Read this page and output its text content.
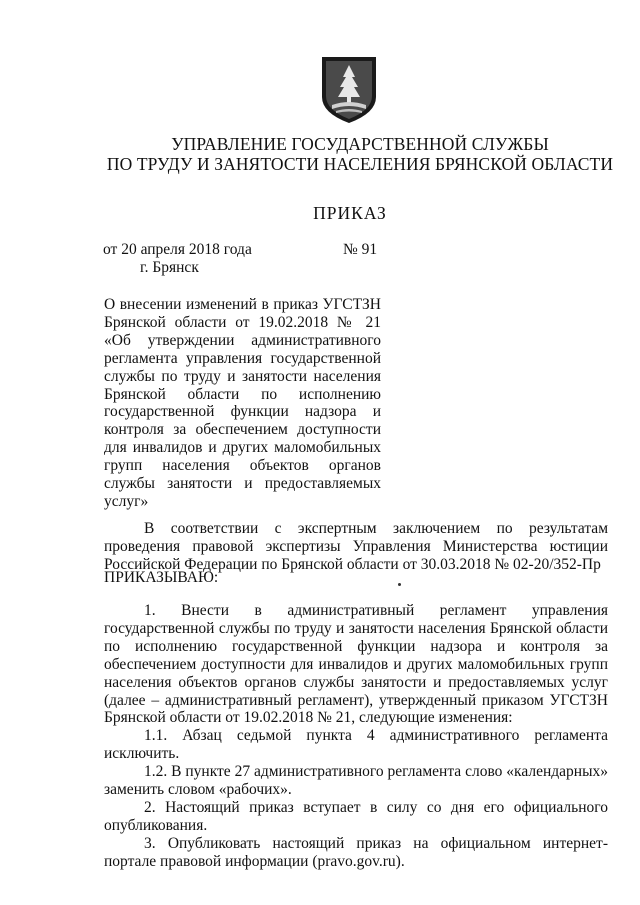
УПРАВЛЕНИЕ ГОСУДАРСТВЕННОЙ СЛУЖБЫ
ПО ТРУДУ И ЗАНЯТОСТИ НАСЕЛЕНИЯ БРЯНСКОЙ ОБЛАСТИ
ПРИКАЗ
от 20 апреля 2018 года	№ 91
г. Брянск
О внесении изменений в приказ УГСТЗН Брянской области от 19.02.2018 № 21 «Об утверждении административного регламента управления государственной службы по труду и занятости населения Брянской области по исполнению государственной функции надзора и контроля за обеспечением доступности для инвалидов и других маломобильных групп населения объектов органов службы занятости и предоставляемых услуг»
В соответствии с экспертным заключением по результатам проведения правовой экспертизы Управления Министерства юстиции Российской Федерации по Брянской области от 30.03.2018 № 02-20/352-Пр
ПРИКАЗЫВАЮ:

1. Внести в административный регламент управления государственной службы по труду и занятости населения Брянской области по исполнению государственной функции надзора и контроля за обеспечением доступности для инвалидов и других маломобильных групп населения объектов органов службы занятости и предоставляемых услуг (далее – административный регламент), утвержденный приказом УГСТЗН Брянской области от 19.02.2018 № 21, следующие изменения:

1.1. Абзац седьмой пункта 4 административного регламента исключить.

1.2. В пункте 27 административного регламента слово «календарных» заменить словом «рабочих».

2. Настоящий приказ вступает в силу со дня его официального опубликования.

3. Опубликовать настоящий приказ на официальном интернет-портале правовой информации (pravo.gov.ru).
